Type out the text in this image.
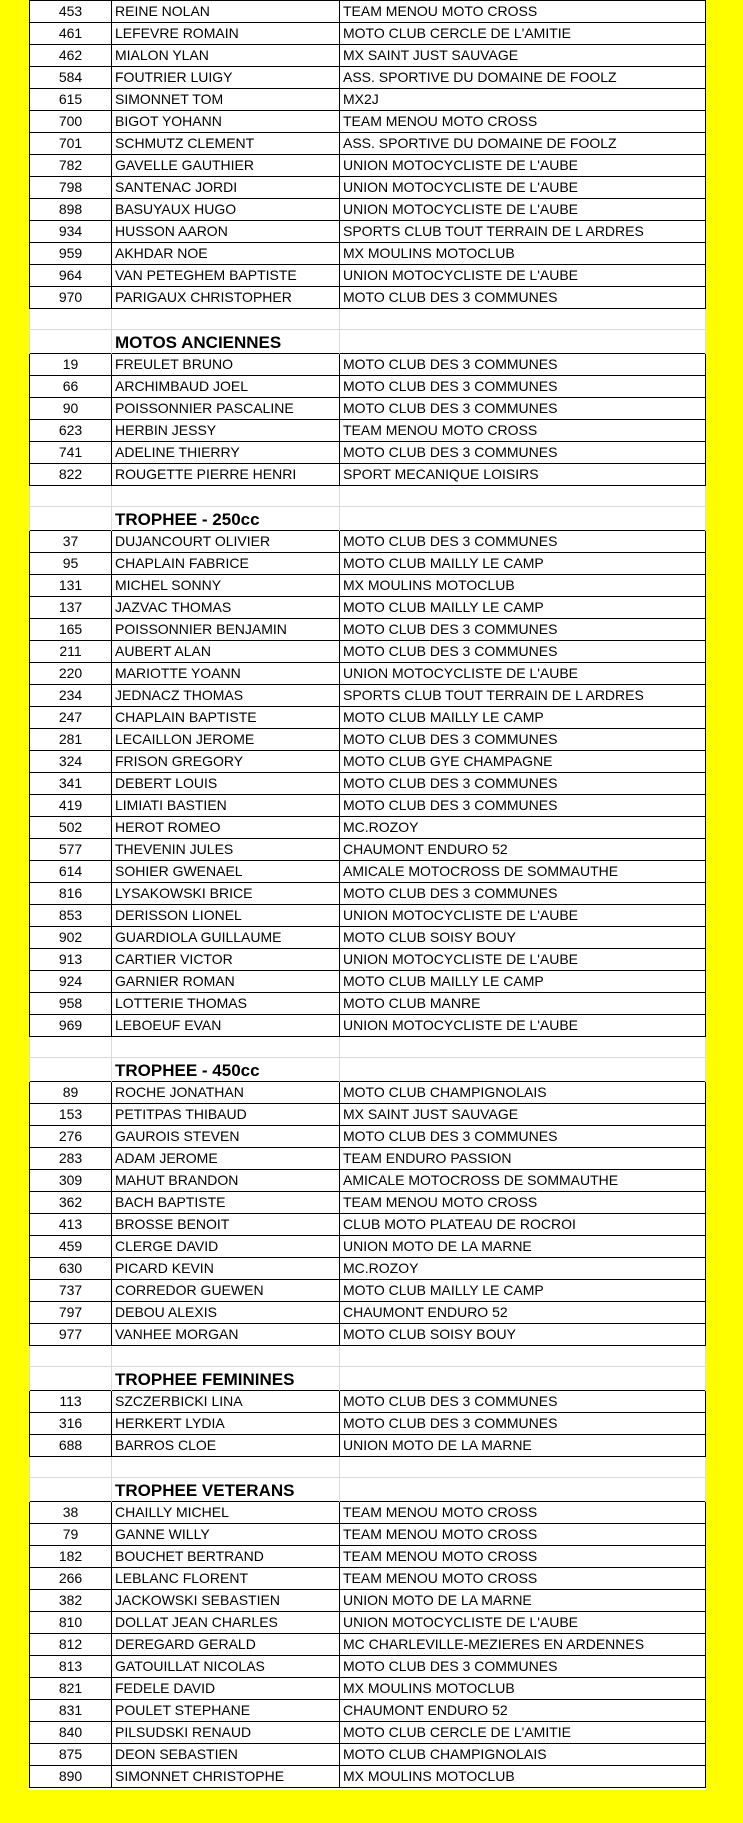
453	REINE NOLAN	TEAM MENOU MOTO CROSS
461	LEFEVRE ROMAIN	MOTO CLUB CERCLE DE L'AMITIE
462	MIALON YLAN	MX SAINT JUST SAUVAGE
584	FOUTRIER LUIGY	ASS. SPORTIVE DU DOMAINE DE FOOLZ
615	SIMONNET TOM	MX2J
700	BIGOT YOHANN	TEAM MENOU MOTO CROSS
701	SCHMUTZ CLEMENT	ASS. SPORTIVE DU DOMAINE DE FOOLZ
782	GAVELLE GAUTHIER	UNION MOTOCYCLISTE DE L'AUBE
798	SANTENAC JORDI	UNION MOTOCYCLISTE DE L'AUBE
898	BASUYAUX HUGO	UNION MOTOCYCLISTE DE L'AUBE
934	HUSSON AARON	SPORTS CLUB TOUT TERRAIN DE L ARDRES
959	AKHDAR NOE	MX MOULINS MOTOCLUB
964	VAN PETEGHEM BAPTISTE	UNION MOTOCYCLISTE DE L'AUBE
970	PARIGAUX CHRISTOPHER	MOTO CLUB DES 3 COMMUNES

	MOTOS ANCIENNES	
19	FREULET BRUNO	MOTO CLUB DES 3 COMMUNES
66	ARCHIMBAUD JOEL	MOTO CLUB DES 3 COMMUNES
90	POISSONNIER PASCALINE	MOTO CLUB DES 3 COMMUNES
623	HERBIN JESSY	TEAM MENOU MOTO CROSS
741	ADELINE THIERRY	MOTO CLUB DES 3 COMMUNES
822	ROUGETTE PIERRE HENRI	SPORT MECANIQUE LOISIRS

	TROPHEE - 250cc	
37	DUJANCOURT OLIVIER	MOTO CLUB DES 3 COMMUNES
95	CHAPLAIN FABRICE	MOTO CLUB MAILLY LE CAMP
131	MICHEL SONNY	MX MOULINS MOTOCLUB
137	JAZVAC THOMAS	MOTO CLUB MAILLY LE CAMP
165	POISSONNIER BENJAMIN	MOTO CLUB DES 3 COMMUNES
211	AUBERT ALAN	MOTO CLUB DES 3 COMMUNES
220	MARIOTTE YOANN	UNION MOTOCYCLISTE DE L'AUBE
234	JEDNACZ THOMAS	SPORTS CLUB TOUT TERRAIN DE L ARDRES
247	CHAPLAIN BAPTISTE	MOTO CLUB MAILLY LE CAMP
281	LECAILLON JEROME	MOTO CLUB DES 3 COMMUNES
324	FRISON GREGORY	MOTO CLUB GYE CHAMPAGNE
341	DEBERT LOUIS	MOTO CLUB DES 3 COMMUNES
419	LIMIATI BASTIEN	MOTO CLUB DES 3 COMMUNES
502	HEROT ROMEO	MC.ROZOY
577	THEVENIN JULES	CHAUMONT ENDURO 52
614	SOHIER GWENAEL	AMICALE MOTOCROSS DE SOMMAUTHE
816	LYSAKOWSKI BRICE	MOTO CLUB DES 3 COMMUNES
853	DERISSON LIONEL	UNION MOTOCYCLISTE DE L'AUBE
902	GUARDIOLA GUILLAUME	MOTO CLUB SOISY BOUY
913	CARTIER VICTOR	UNION MOTOCYCLISTE DE L'AUBE
924	GARNIER ROMAN	MOTO CLUB MAILLY LE CAMP
958	LOTTERIE THOMAS	MOTO CLUB MANRE
969	LEBOEUF EVAN	UNION MOTOCYCLISTE DE L'AUBE

	TROPHEE - 450cc	
89	ROCHE JONATHAN	MOTO CLUB CHAMPIGNOLAIS
153	PETITPAS THIBAUD	MX SAINT JUST SAUVAGE
276	GAUROIS STEVEN	MOTO CLUB DES 3 COMMUNES
283	ADAM JEROME	TEAM ENDURO PASSION
309	MAHUT BRANDON	AMICALE MOTOCROSS DE SOMMAUTHE
362	BACH BAPTISTE	TEAM MENOU MOTO CROSS
413	BROSSE BENOIT	CLUB MOTO PLATEAU DE ROCROI
459	CLERGE DAVID	UNION MOTO DE LA MARNE
630	PICARD KEVIN	MC.ROZOY
737	CORREDOR GUEWEN	MOTO CLUB MAILLY LE CAMP
797	DEBOU ALEXIS	CHAUMONT ENDURO 52
977	VANHEE MORGAN	MOTO CLUB SOISY BOUY

	TROPHEE FEMININES	
113	SZCZERBICKI LINA	MOTO CLUB DES 3 COMMUNES
316	HERKERT LYDIA	MOTO CLUB DES 3 COMMUNES
688	BARROS CLOE	UNION MOTO DE LA MARNE

	TROPHEE VETERANS	
38	CHAILLY MICHEL	TEAM MENOU MOTO CROSS
79	GANNE WILLY	TEAM MENOU MOTO CROSS
182	BOUCHET BERTRAND	TEAM MENOU MOTO CROSS
266	LEBLANC FLORENT	TEAM MENOU MOTO CROSS
382	JACKOWSKI SEBASTIEN	UNION MOTO DE LA MARNE
810	DOLLAT JEAN CHARLES	UNION MOTOCYCLISTE DE L'AUBE
812	DEREGARD GERALD	MC CHARLEVILLE-MEZIERES EN ARDENNES
813	GATOUILLAT NICOLAS	MOTO CLUB DES 3 COMMUNES
821	FEDELE DAVID	MX MOULINS MOTOCLUB
831	POULET STEPHANE	CHAUMONT ENDURO 52
840	PILSUDSKI RENAUD	MOTO CLUB CERCLE DE L'AMITIE
875	DEON SEBASTIEN	MOTO CLUB CHAMPIGNOLAIS
890	SIMONNET CHRISTOPHE	MX MOULINS MOTOCLUB
